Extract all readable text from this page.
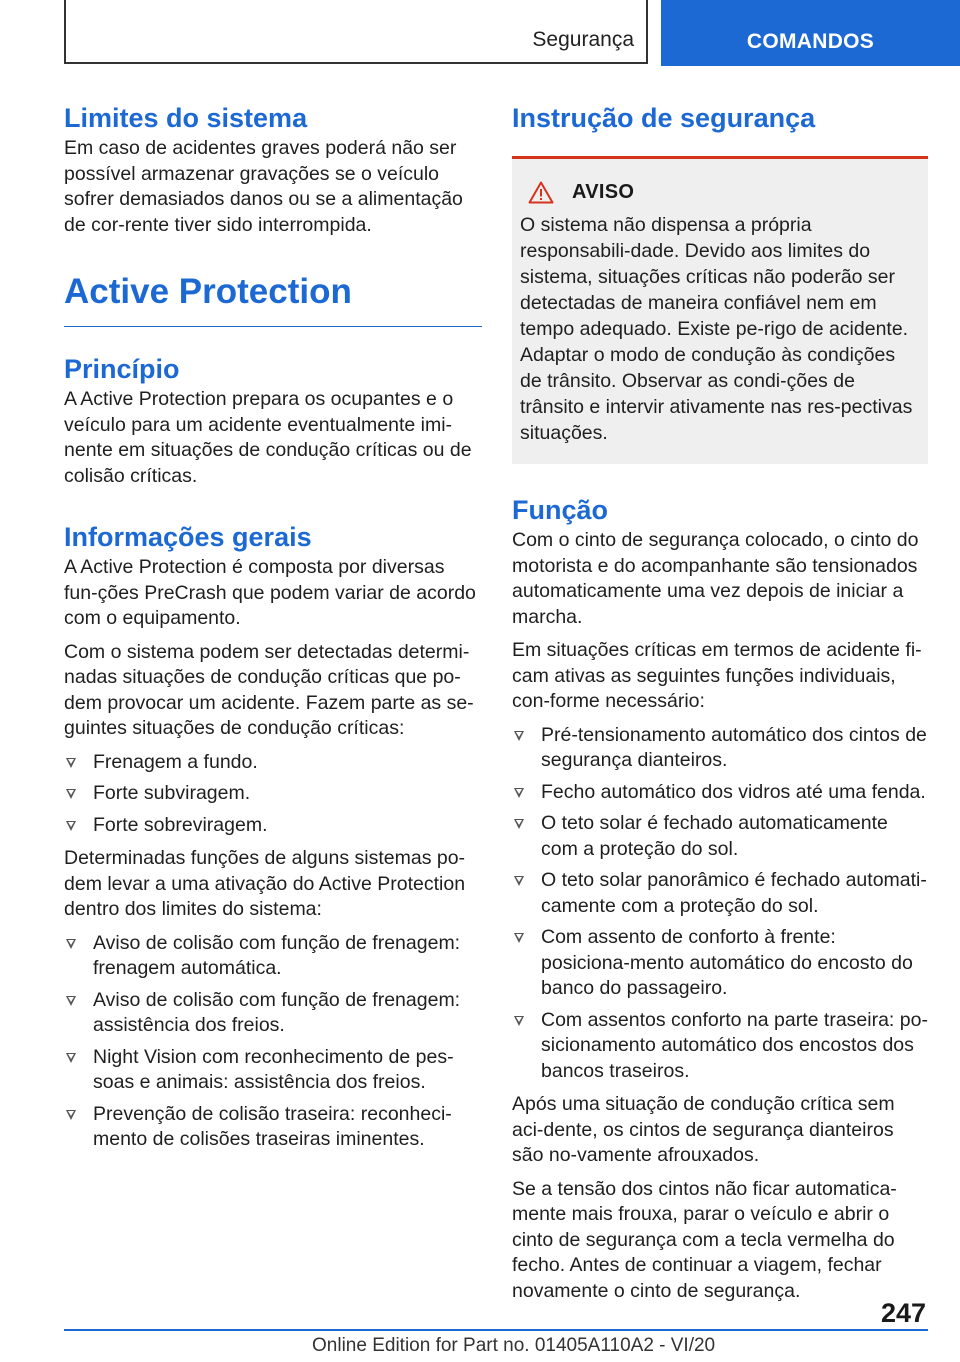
Segurança	COMANDOS
Limites do sistema

Em caso de acidentes graves poderá não ser possível armazenar gravações se o veículo sofrer demasiados danos ou se a alimentação de cor-rente tiver sido interrompida.

Active Protection
Princípio

A Active Protection prepara os ocupantes e o veículo para um acidente eventualmente imi-nente em situações de condução críticas ou de colisão críticas.

Informações gerais

A Active Protection é composta por diversas fun-ções PreCrash que podem variar de acordo com o equipamento.

Com o sistema podem ser detectadas determi-nadas situações de condução críticas que po-dem provocar um acidente. Fazem parte as se-guintes situações de condução críticas:

Frenagem a fundo.
Forte subviragem.
Forte sobreviragem.

Determinadas funções de alguns sistemas po-dem levar a uma ativação do Active Protection dentro dos limites do sistema:

Aviso de colisão com função de frenagem: frenagem automática.
Aviso de colisão com função de frenagem: assistência dos freios.
Night Vision com reconhecimento de pes-soas e animais: assistência dos freios.
Prevenção de colisão traseira: reconheci-mento de colisões traseiras iminentes.
Instrução de segurança
AVISO

O sistema não dispensa a própria responsabili-dade. Devido aos limites do sistema, situações críticas não poderão ser detectadas de maneira confiável nem em tempo adequado. Existe pe-rigo de acidente. Adaptar o modo de condução às condições de trânsito. Observar as condi-ções de trânsito e intervir ativamente nas res-pectivas situações.

Função

Com o cinto de segurança colocado, o cinto do motorista e do acompanhante são tensionados automaticamente uma vez depois de iniciar a marcha.

Em situações críticas em termos de acidente fi-cam ativas as seguintes funções individuais, con-forme necessário:

Pré-tensionamento automático dos cintos de segurança dianteiros.
Fecho automático dos vidros até uma fenda.
O teto solar é fechado automaticamente com a proteção do sol.
O teto solar panorâmico é fechado automati-camente com a proteção do sol.
Com assento de conforto à frente: posiciona-mento automático do encosto do banco do passageiro.
Com assentos conforto na parte traseira: po-sicionamento automático dos encostos dos bancos traseiros.

Após uma situação de condução crítica sem aci-dente, os cintos de segurança dianteiros são no-vamente afrouxados.

Se a tensão dos cintos não ficar automatica-mente mais frouxa, parar o veículo e abrir o cinto de segurança com a tecla vermelha do fecho. Antes de continuar a viagem, fechar novamente o cinto de segurança.

247
Online Edition for Part no. 01405A110A2 - VI/20
